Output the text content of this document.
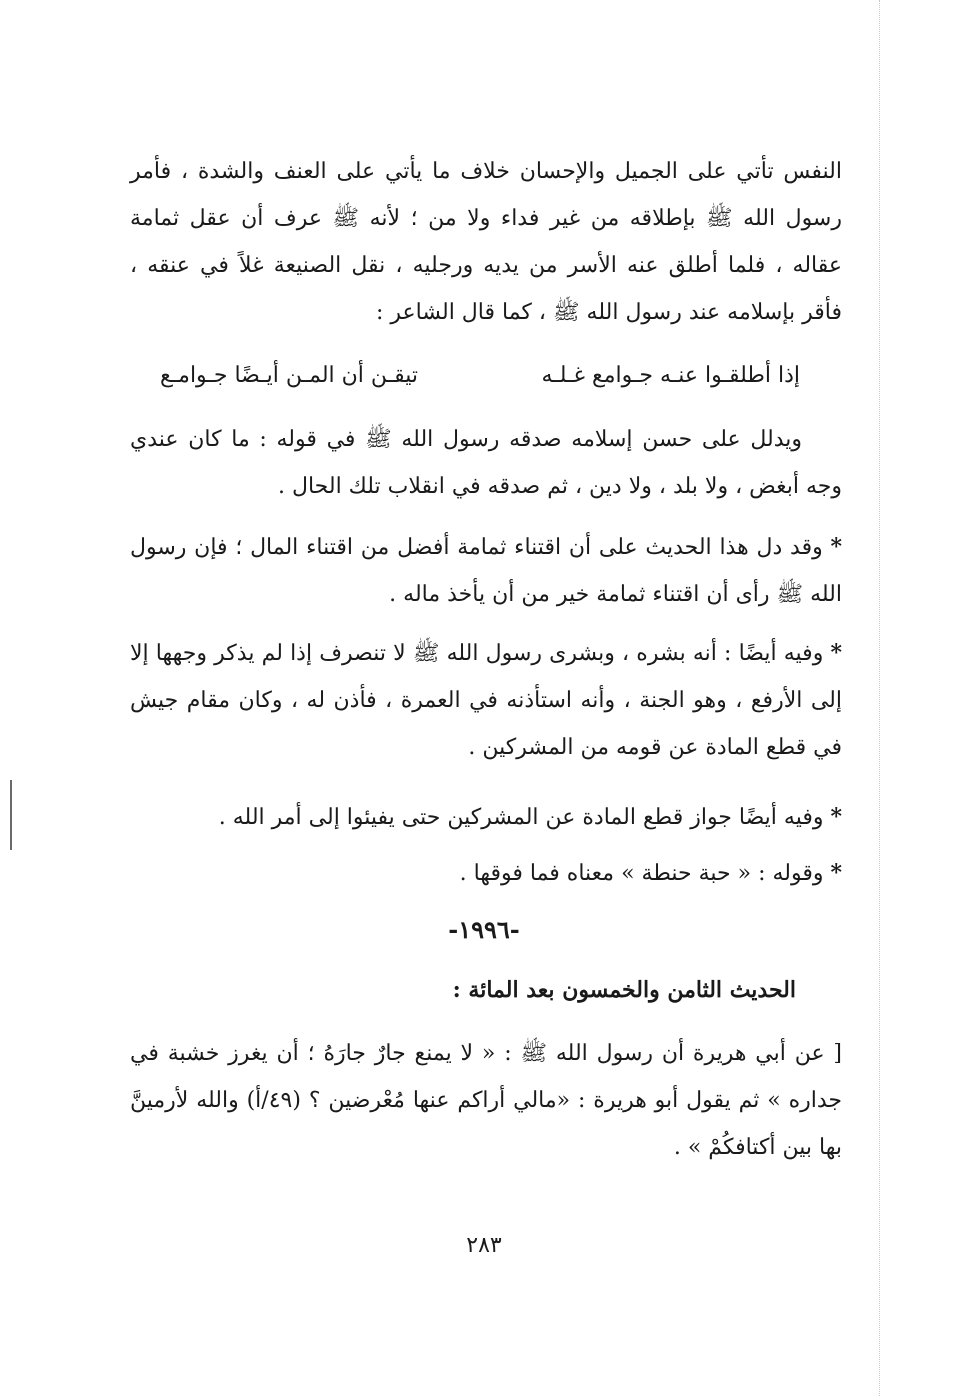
النفس تأتي على الجميل والإحسان خلاف ما يأتي على العنف والشدة ، فأمر رسول الله ﷺ بإطلاقه من غير فداء ولا من ؛ لأنه ﷺ عرف أن عقل ثمامة عقاله ، فلما أطلق عنه الأسر من يديه ورجليه ، نقل الصنيعة غلاً في عنقه ، فأقر بإسلامه عند رسول الله ﷺ ، كما قال الشاعر :

إذا أطلقـوا عنـه جـوامع غـلـه
تيقـن أن المـن أيـضًا جـوامـع

ويدلل على حسن إسلامه صدقه رسول الله ﷺ في قوله : ما كان عندي وجه أبغض ، ولا بلد ، ولا دين ، ثم صدقه في انقلاب تلك الحال .

* وقد دل هذا الحديث على أن اقتناء ثمامة أفضل من اقتناء المال ؛ فإن رسول الله ﷺ رأى أن اقتناء ثمامة خير من أن يأخذ ماله .

* وفيه أيضًا : أنه بشره ، وبشرى رسول الله ﷺ لا تنصرف إذا لم يذكر وجهها إلا إلى الأرفع ، وهو الجنة ، وأنه استأذنه في العمرة ، فأذن له ، وكان مقام جيش في قطع المادة عن قومه من المشركين .

* وفيه أيضًا جواز قطع المادة عن المشركين حتى يفيئوا إلى أمر الله .

* وقوله : « حبة حنطة » معناه فما فوقها .

-١٩٩٦-
الحديث الثامن والخمسون بعد المائة :

[ عن أبي هريرة أن رسول الله ﷺ : « لا يمنع جارٌ جارَهُ ؛ أن يغرز خشبة في جداره » ثم يقول أبو هريرة : «مالي أراكم عنها مُعْرضين ؟ (٤٩/أ) والله لأرمينَّ بها بين أكتافكُمْ » .

٢٨٣
